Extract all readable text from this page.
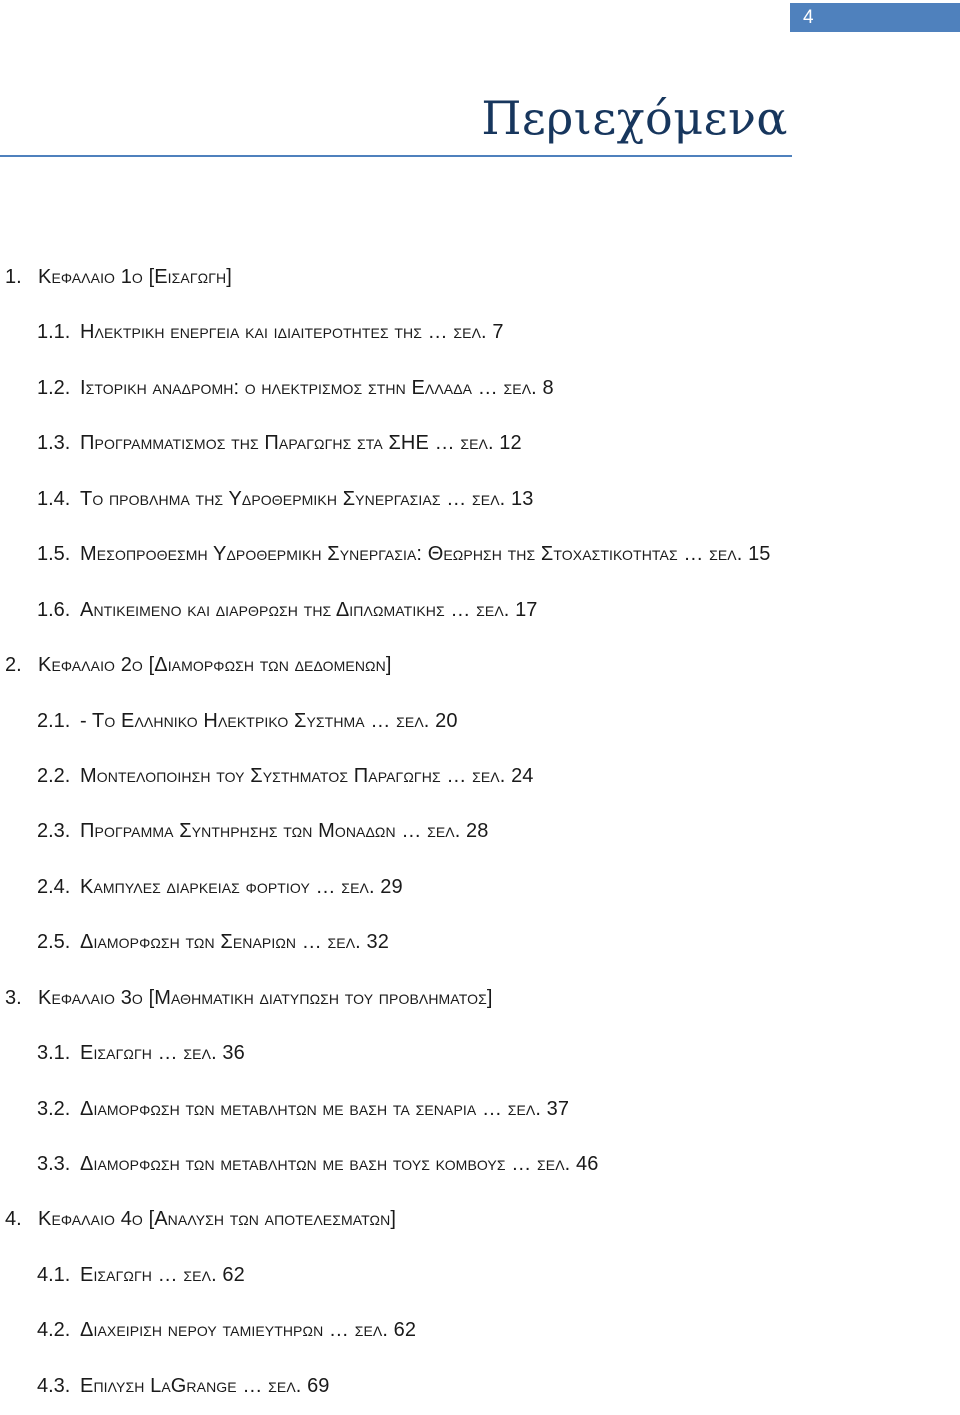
4
Περιεχόμενα
1. Κεφαλαιο 1ο [Εισαγωγη]
1.1. Ηλεκτρικη ενεργεια και ιδιαιτεροτητες της … σελ. 7
1.2. Ιστορικη αναδρομη: ο ηλεκτρισμος στην Ελλαδα … σελ. 8
1.3. Προγραμματισμος της Παραγωγης στα ΣΗΕ … σελ. 12
1.4. Το προβλημα της Υδροθερμικη Συνεργασιας … σελ. 13
1.5. Μεσοπροθεσμη Υδροθερμικη Συνεργασια: Θεωρηση της Στοχαστικοτητας … σελ. 15
1.6. Αντικειμενο και διαρθρωση της Διπλωματικης … σελ. 17
2. Κεφαλαιο 2ο [Διαμορφωση των δεδομενων]
2.1. - Το Ελληνικο Ηλεκτρικο Συστημα … σελ. 20
2.2. Μοντελοποιηση του Συστηματος Παραγωγης … σελ. 24
2.3. Προγραμμα Συντηρησης των Μοναδων … σελ. 28
2.4. Καμπυλες διαρκειας φορτιου … σελ. 29
2.5. Διαμορφωση των Σεναριων … σελ. 32
3. Κεφαλαιο 3ο [Μαθηματικη διατυπωση του προβληματος]
3.1. Εισαγωγη … σελ. 36
3.2. Διαμορφωση των μεταβλητων με βαση τα σεναρια … σελ. 37
3.3. Διαμορφωση των μεταβλητων με βαση τους κομβους … σελ. 46
4. Κεφαλαιο 4ο [Αναλυση των αποτελεσματων]
4.1. Εισαγωγη … σελ. 62
4.2. Διαχειριση νερου ταμιευτηρων … σελ. 62
4.3. Επιλυση LaGrange … σελ. 69
